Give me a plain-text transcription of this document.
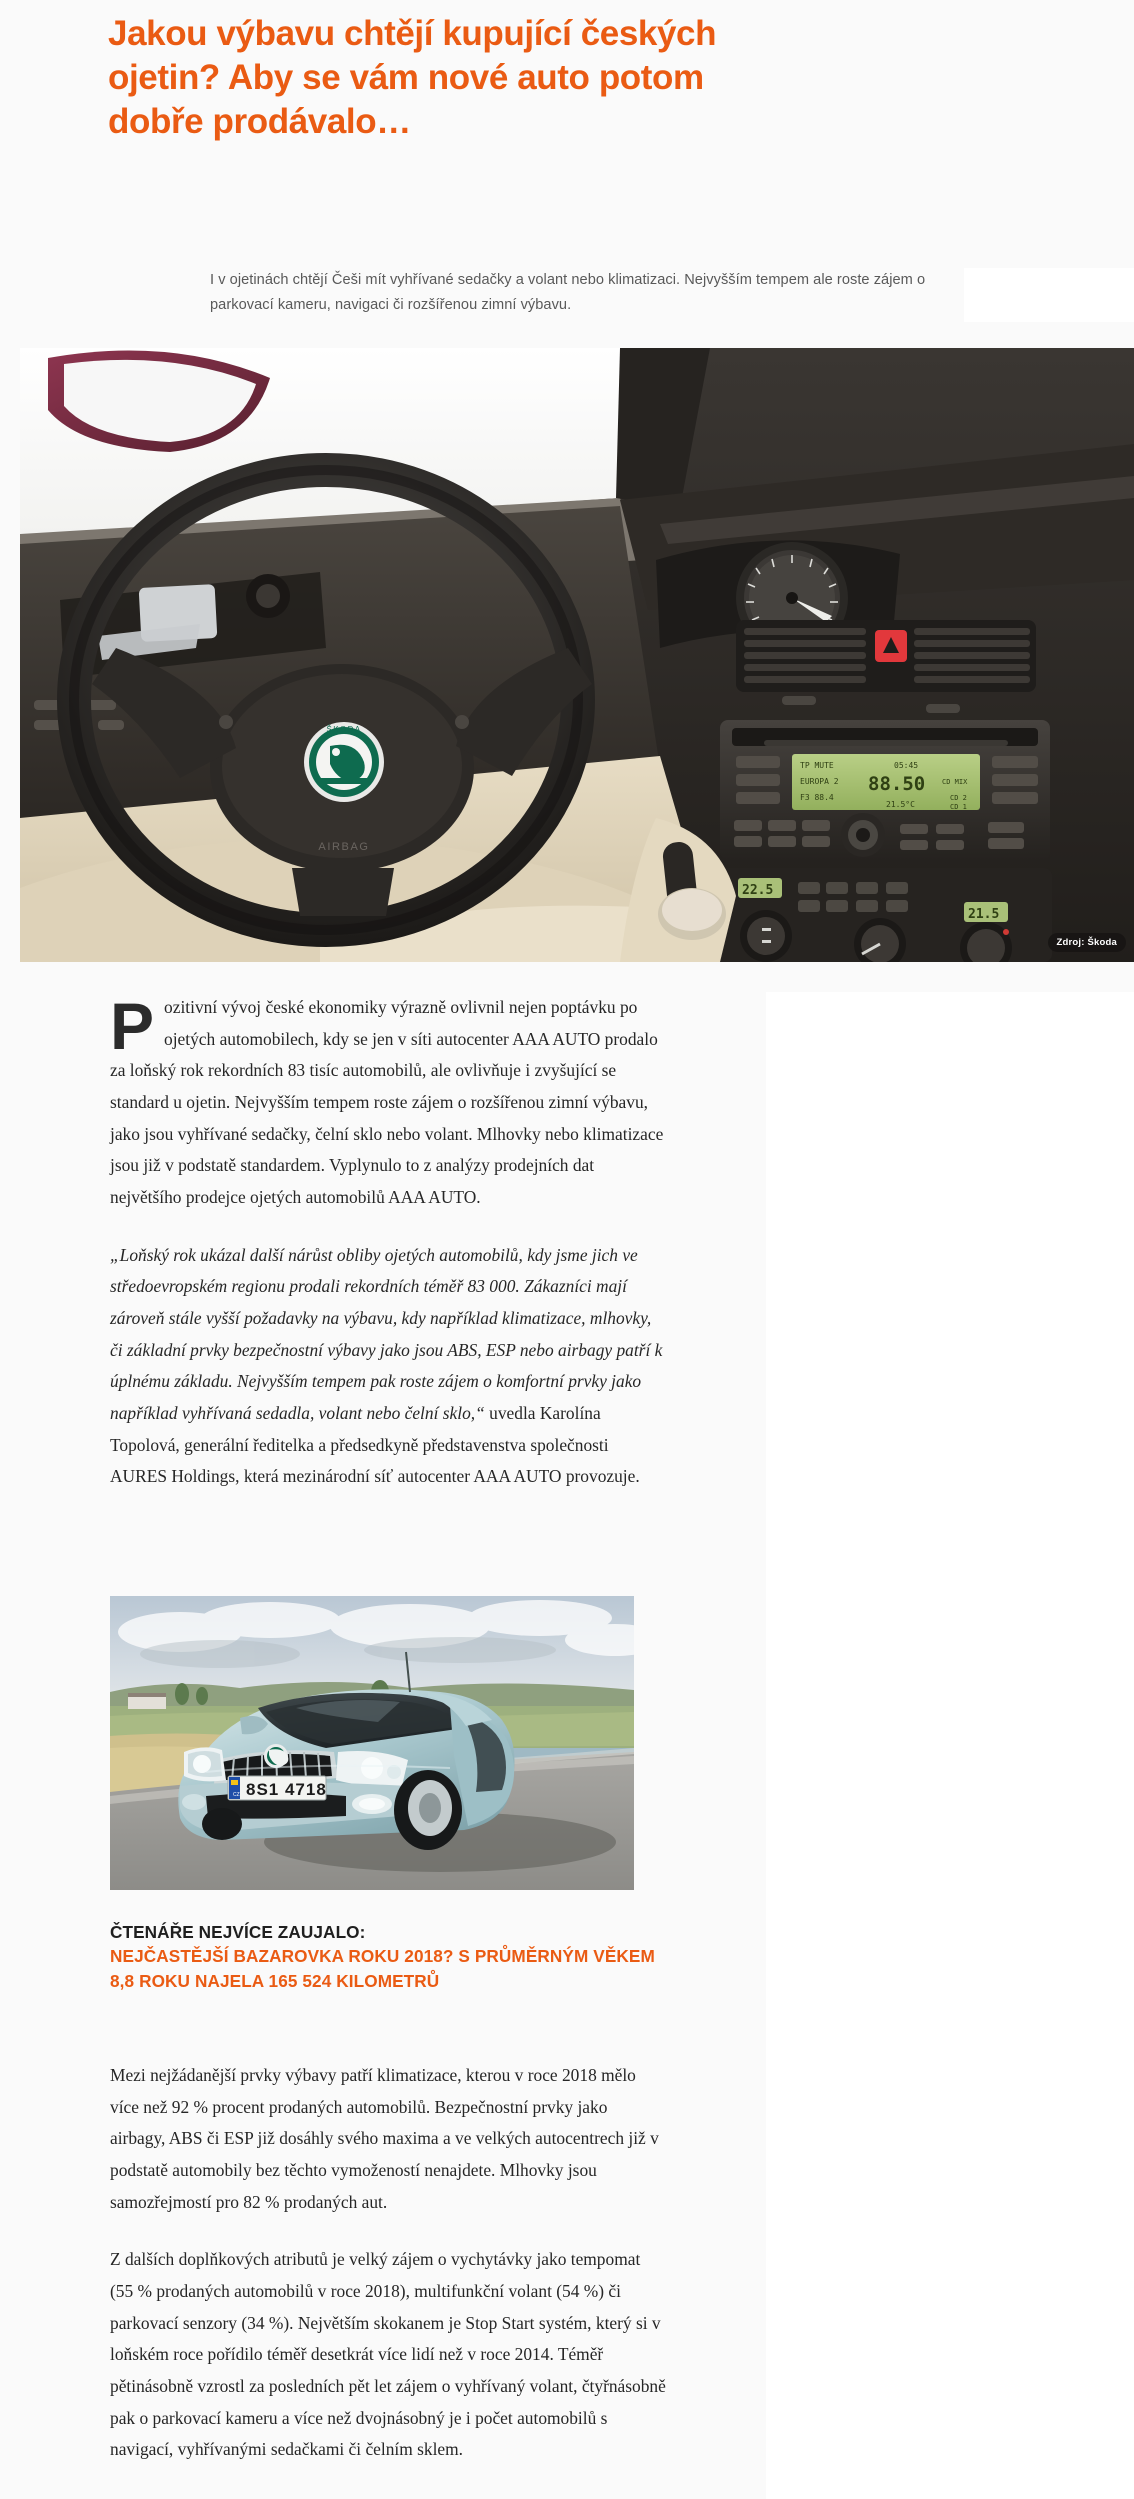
Jakou výbavu chtějí kupující českých ojetin? Aby se vám nové auto potom dobře prodávalo…

I v ojetinách chtějí Češi mít vyhřívané sedačky a volant nebo klimatizaci. Nejvyšším tempem ale roste zájem o parkovací kameru, navigaci či rozšířenou zimní výbavu.

TP MUTE	05:45
EUROPA 2 88.50 CD MIX
F3 88.4	CD 2
21.5°C	CD 1
22.5
21.5
ŠKODA
AIRBAG
Zdroj: Škoda

Pozitivní vývoj české ekonomiky výrazně ovlivnil nejen poptávku po ojetých automobilech, kdy se jen v síti autocenter AAA AUTO prodalo za loňský rok rekordních 83 tisíc automobilů, ale ovlivňuje i zvyšující se standard u ojetin. Nejvyšším tempem roste zájem o rozšířenou zimní výbavu, jako jsou vyhřívané sedačky, čelní sklo nebo volant. Mlhovky nebo klimatizace jsou již v podstatě standardem. Vyplynulo to z analýzy prodejních dat největšího prodejce ojetých automobilů AAA AUTO.

„Loňský rok ukázal další nárůst obliby ojetých automobilů, kdy jsme jich ve středoevropském regionu prodali rekordních téměř 83 000. Zákazníci mají zároveň stále vyšší požadavky na výbavu, kdy například klimatizace, mlhovky, či základní prvky bezpečnostní výbavy jako jsou ABS, ESP nebo airbagy patří k úplnému základu. Nejvyšším tempem pak roste zájem o komfortní prvky jako například vyhřívaná sedadla, volant nebo čelní sklo,“ uvedla Karolína Topolová, generální ředitelka a předsedkyně představenstva společnosti AURES Holdings, která mezinárodní síť autocenter AAA AUTO provozuje.

CZ 8S1 4718
ČTENÁŘE NEJVÍCE ZAUJALO:
NEJČASTĚJŠÍ BAZAROVKA ROKU 2018? S PRŮMĚRNÝM VĚKEM 8,8 ROKU NAJELA 165 524 KILOMETRŮ

Mezi nejžádanější prvky výbavy patří klimatizace, kterou v roce 2018 mělo více než 92 % procent prodaných automobilů. Bezpečnostní prvky jako airbagy, ABS či ESP již dosáhly svého maxima a ve velkých autocentrech již v podstatě automobily bez těchto vymožeností nenajdete. Mlhovky jsou samozřejmostí pro 82 % prodaných aut.

Z dalších doplňkových atributů je velký zájem o vychytávky jako tempomat (55 % prodaných automobilů v roce 2018), multifunkční volant (54 %) či parkovací senzory (34 %). Největším skokanem je Stop Start systém, který si v loňském roce pořídilo téměř desetkrát více lidí než v roce 2014. Téměř pětinásobně vzrostl za posledních pět let zájem o vyhřívaný volant, čtyřnásobně pak o parkovací kameru a více než dvojnásobný je i počet automobilů s navigací, vyhřívanými sedačkami či čelním sklem.
